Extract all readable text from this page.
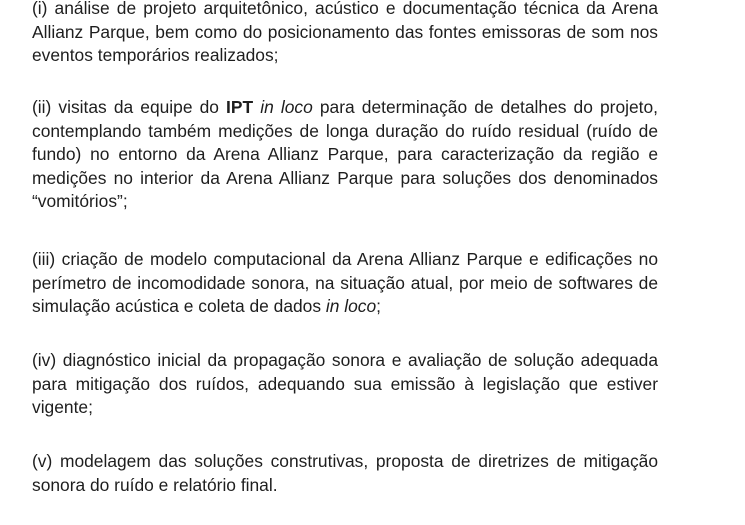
(i) análise de projeto arquitetônico, acústico e documentação técnica da Arena Allianz Parque, bem como do posicionamento das fontes emissoras de som nos eventos temporários realizados;

(ii) visitas da equipe do IPT in loco para determinação de detalhes do projeto, contemplando também medições de longa duração do ruído residual (ruído de fundo) no entorno da Arena Allianz Parque, para caracterização da região e medições no interior da Arena Allianz Parque para soluções dos denominados “vomitórios”;

(iii) criação de modelo computacional da Arena Allianz Parque e edificações no perímetro de incomodidade sonora, na situação atual, por meio de softwares de simulação acústica e coleta de dados in loco;

(iv) diagnóstico inicial da propagação sonora e avaliação de solução adequada para mitigação dos ruídos, adequando sua emissão à legislação que estiver vigente;

(v) modelagem das soluções construtivas, proposta de diretrizes de mitigação sonora do ruído e relatório final.
